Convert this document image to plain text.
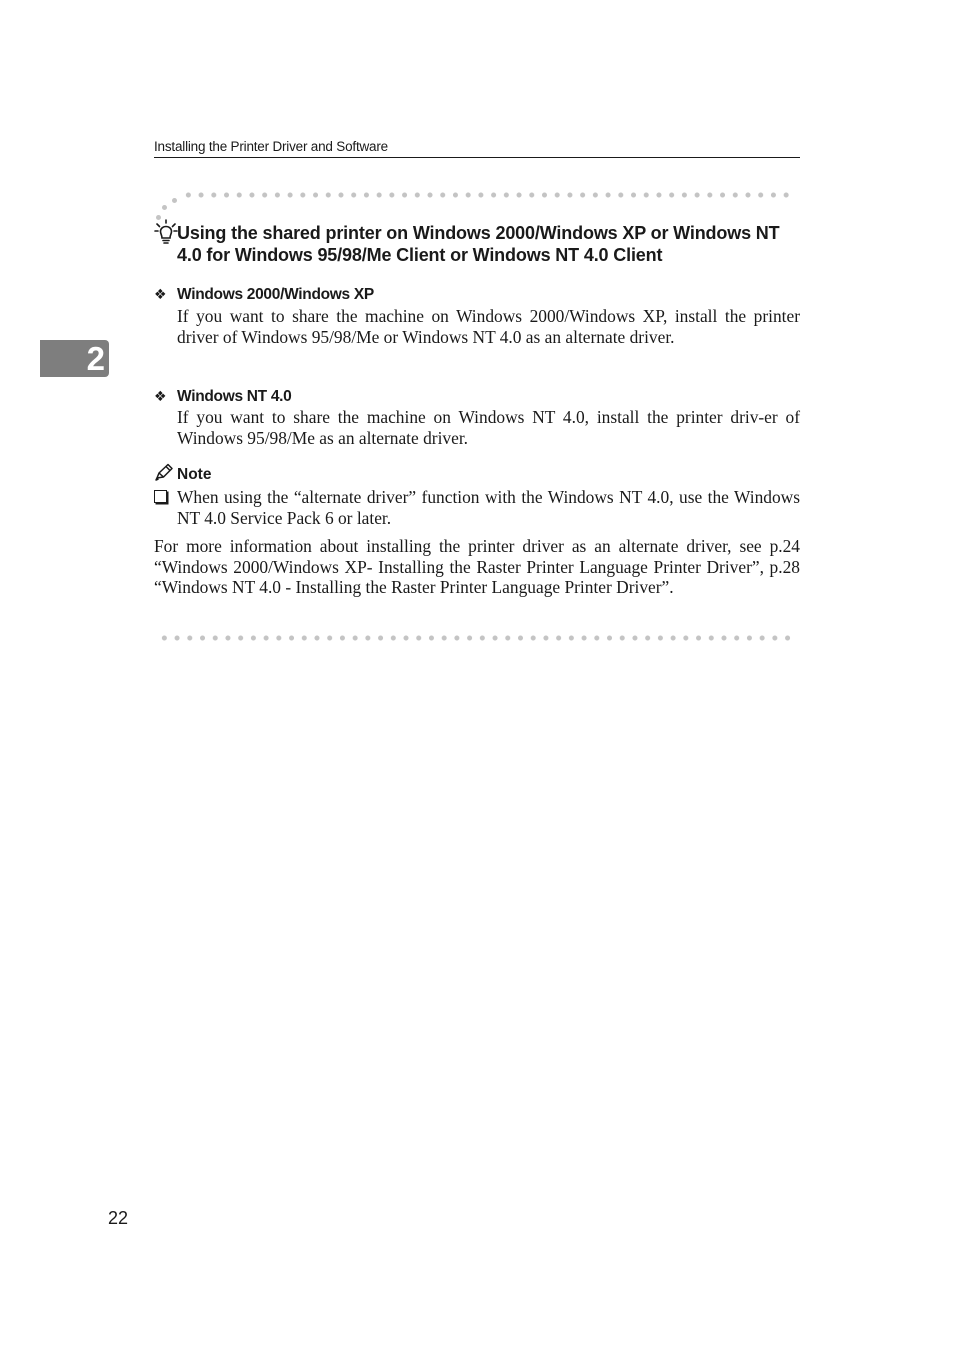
Installing the Printer Driver and Software
2
Using the shared printer on Windows 2000/Windows XP or Windows NT 4.0 for Windows 95/98/Me Client or Windows NT 4.0 Client
❖ Windows 2000/Windows XP

If you want to share the machine on Windows 2000/Windows XP, install the printer driver of Windows 95/98/Me or Windows NT 4.0 as an alternate driver.

❖ Windows NT 4.0

If you want to share the machine on Windows NT 4.0, install the printer driv-er of Windows 95/98/Me as an alternate driver.

Note
When using the “alternate driver” function with the Windows NT 4.0, use the Windows NT 4.0 Service Pack 6 or later.

For more information about installing the printer driver as an alternate driver, see p.24 “Windows 2000/Windows XP- Installing the Raster Printer Language Printer Driver”, p.28 “Windows NT 4.0 - Installing the Raster Printer Language Printer Driver”.

22
